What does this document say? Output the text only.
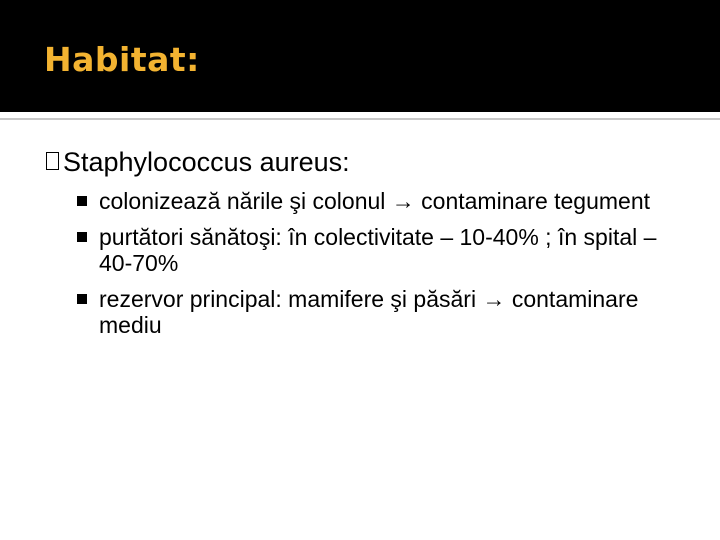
Habitat:
Staphylococcus aureus:
colonizează nările şi colonul → contaminare tegument
purtători sănătoşi: în colectivitate – 10-40% ; în spital – 40-70%
rezervor principal: mamifere şi păsări → contaminare mediu
